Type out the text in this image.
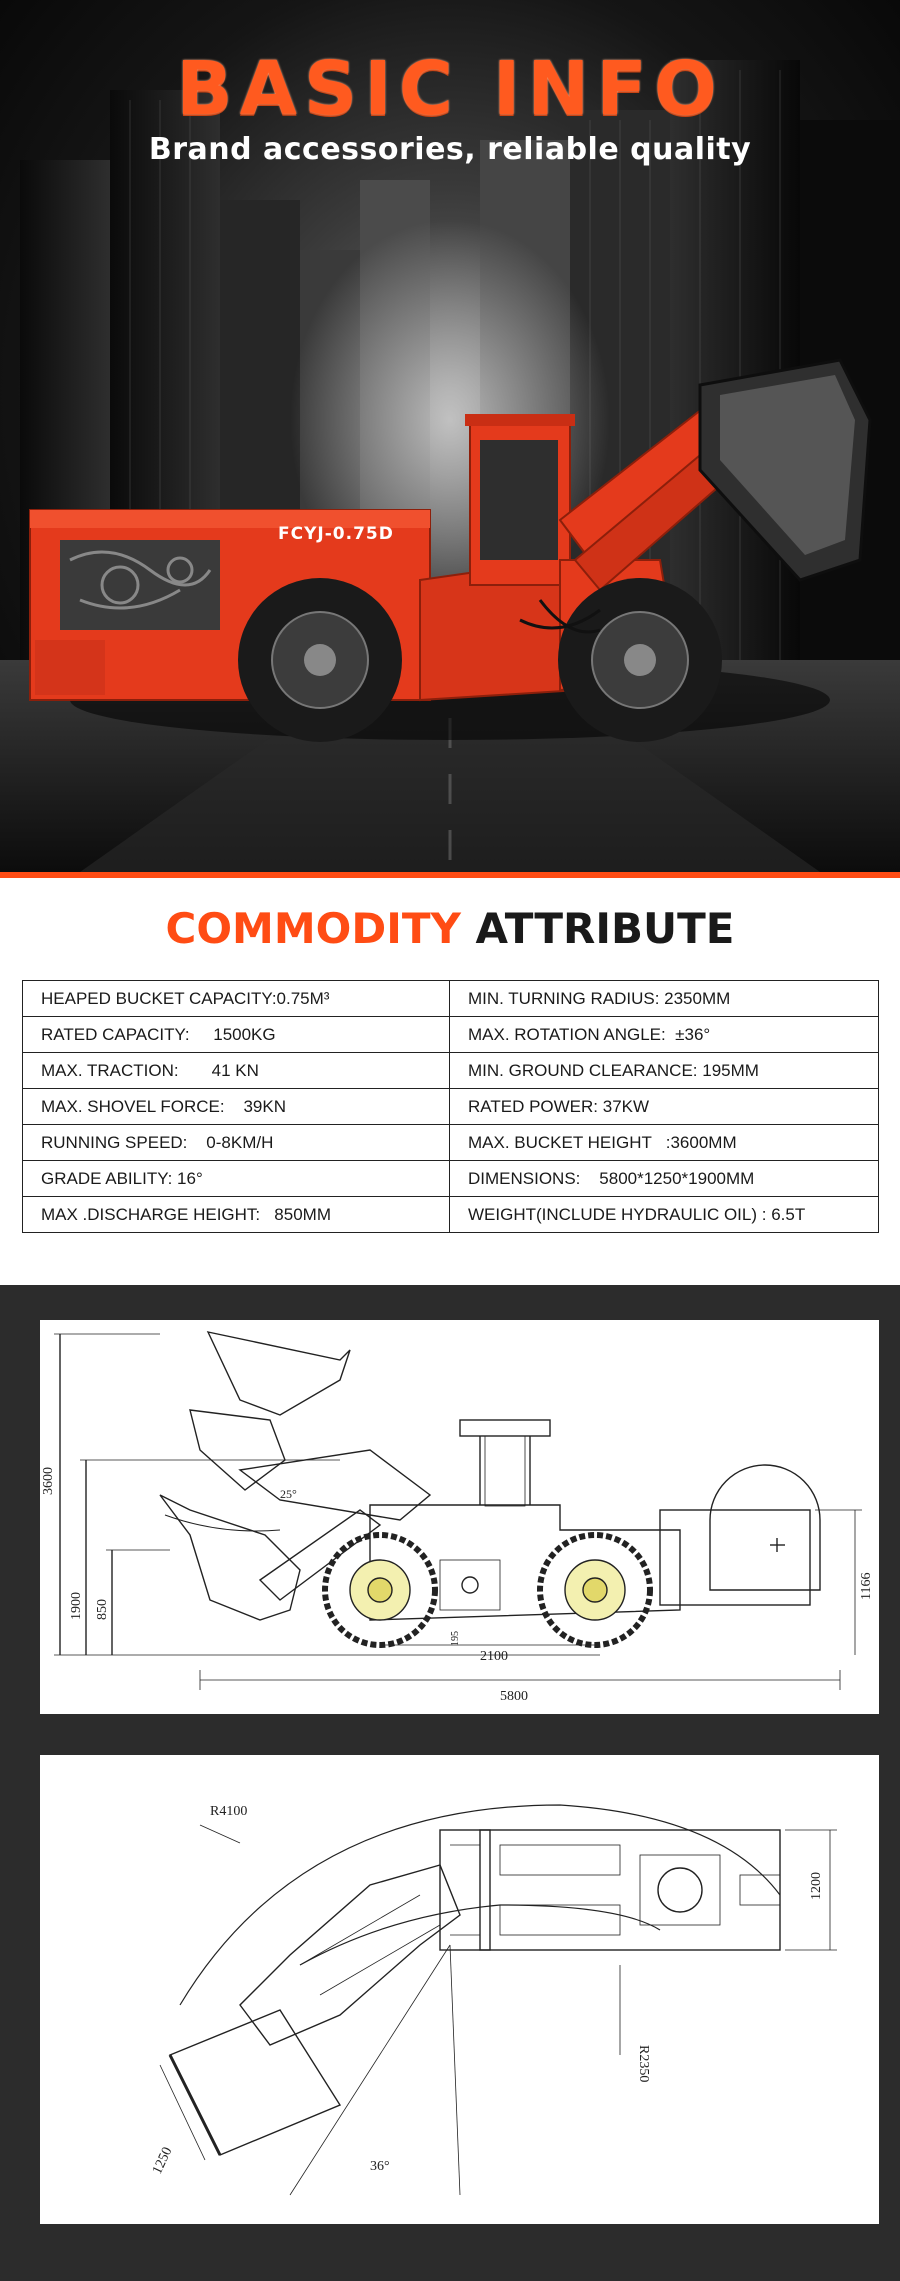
BASIC INFO
Brand accessories, reliable quality
FCYJ-0.75D
COMMODITY ATTRIBUTE
HEAPED BUCKET CAPACITY:0.75M³	MIN. TURNING RADIUS: 2350MM
RATED CAPACITY:     1500KG	MAX. ROTATION ANGLE:  ±36°
MAX. TRACTION:       41 KN	MIN. GROUND CLEARANCE: 195MM
MAX. SHOVEL FORCE:    39KN	RATED POWER: 37KW
RUNNING SPEED:    0-8KM/H	MAX. BUCKET HEIGHT   :3600MM
GRADE ABILITY: 16°	DIMENSIONS:    5800*1250*1900MM
MAX .DISCHARGE HEIGHT:   850MM	WEIGHT(INCLUDE HYDRAULIC OIL) : 6.5T
3600
1900 850
25°
2100
5800
195
1166
R4100
R2350
36°
1200
1250
